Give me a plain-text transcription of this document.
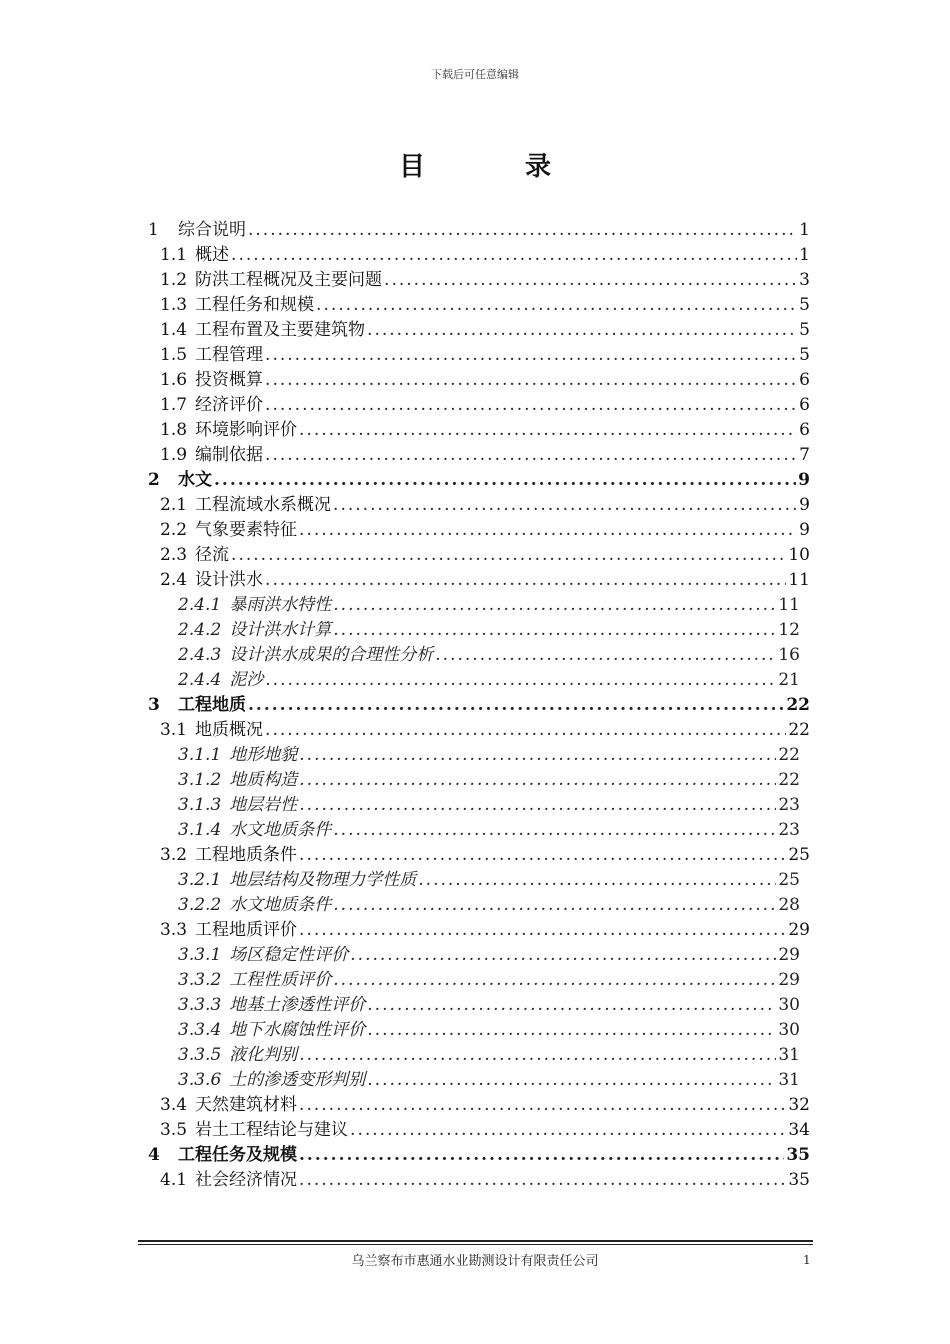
下载后可任意编辑
目	录
1 综合说明 .....	1
1.1 概述 .....	1
1.2 防洪工程概况及主要问题 .....	3
1.3 工程任务和规模 .....	5
1.4 工程布置及主要建筑物 .....	5
1.5 工程管理 .....	5
1.6 投资概算 .....	6
1.7 经济评价 .....	6
1.8 环境影响评价 .....	6
1.9 编制依据 .....	7
2 水文 .....	9
2.1 工程流域水系概况 .....	9
2.2 气象要素特征 .....	9
2.3 径流 .....	10
2.4 设计洪水 .....	11
2.4.1 暴雨洪水特性 .....	11
2.4.2 设计洪水计算 .....	12
2.4.3 设计洪水成果的合理性分析 .....	16
2.4.4 泥沙 .....	21
3 工程地质 .....	22
3.1 地质概况 .....	22
3.1.1 地形地貌 .....	22
3.1.2 地质构造 .....	22
3.1.3 地层岩性 .....	23
3.1.4 水文地质条件 .....	23
3.2 工程地质条件 .....	25
3.2.1 地层结构及物理力学性质 .....	25
3.2.2 水文地质条件 .....	28
3.3 工程地质评价 .....	29
3.3.1 场区稳定性评价 .....	29
3.3.2 工程性质评价 .....	29
3.3.3 地基土渗透性评价 .....	30
3.3.4 地下水腐蚀性评价 .....	30
3.3.5 液化判别 .....	31
3.3.6 土的渗透变形判别 .....	31
3.4 天然建筑材料 .....	32
3.5 岩土工程结论与建议 .....	34
4 工程任务及规模 .....	35
4.1 社会经济情况 .....	35
乌兰察布市惠通水业勘测设计有限责任公司	1
